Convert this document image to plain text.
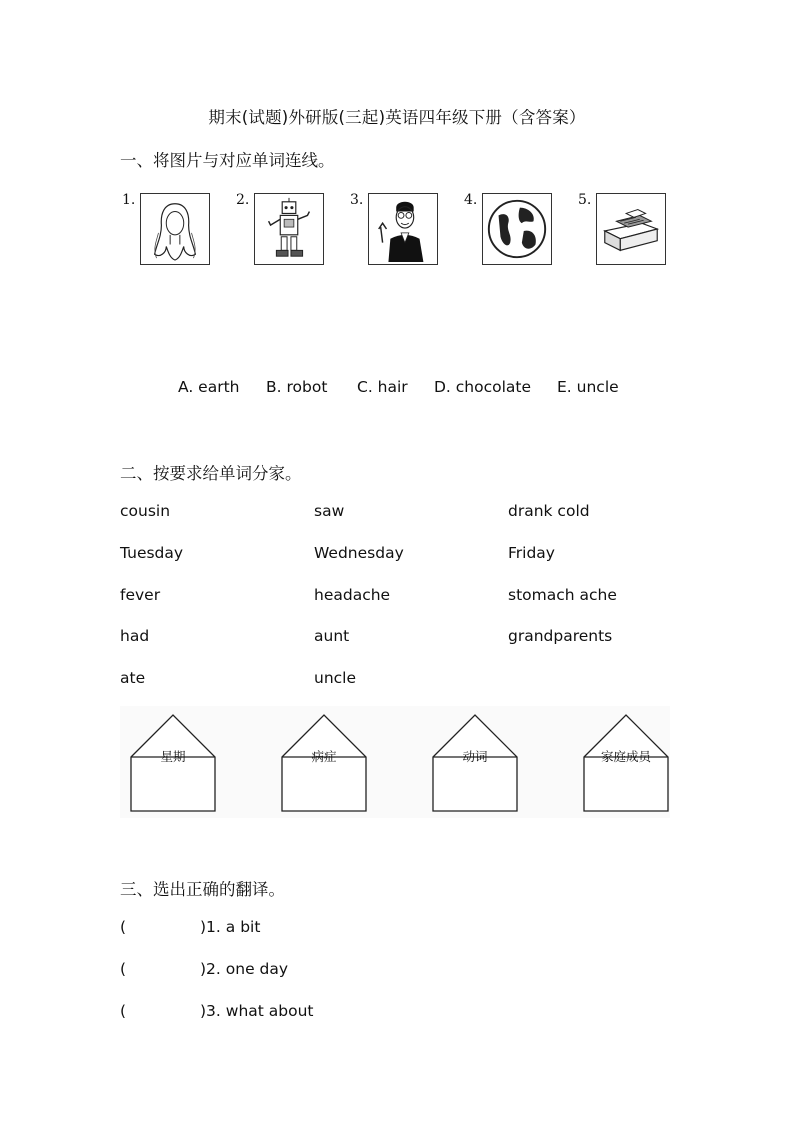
期末(试题)外研版(三起)英语四年级下册（含答案）
一、将图片与对应单词连线。
1.	2.	3.	4.	5.
A. earth	B. robot	C. hair	D. chocolate	E. uncle
二、按要求给单词分家。
cousin	saw	drank cold
Tuesday	Wednesday	Friday
fever	headache	stomach ache
had	aunt	grandparents
ate	uncle
星期	病症	动词	家庭成员
三、选出正确的翻译。
(	)1. a bit
(	)2. one day
(	)3. what about
